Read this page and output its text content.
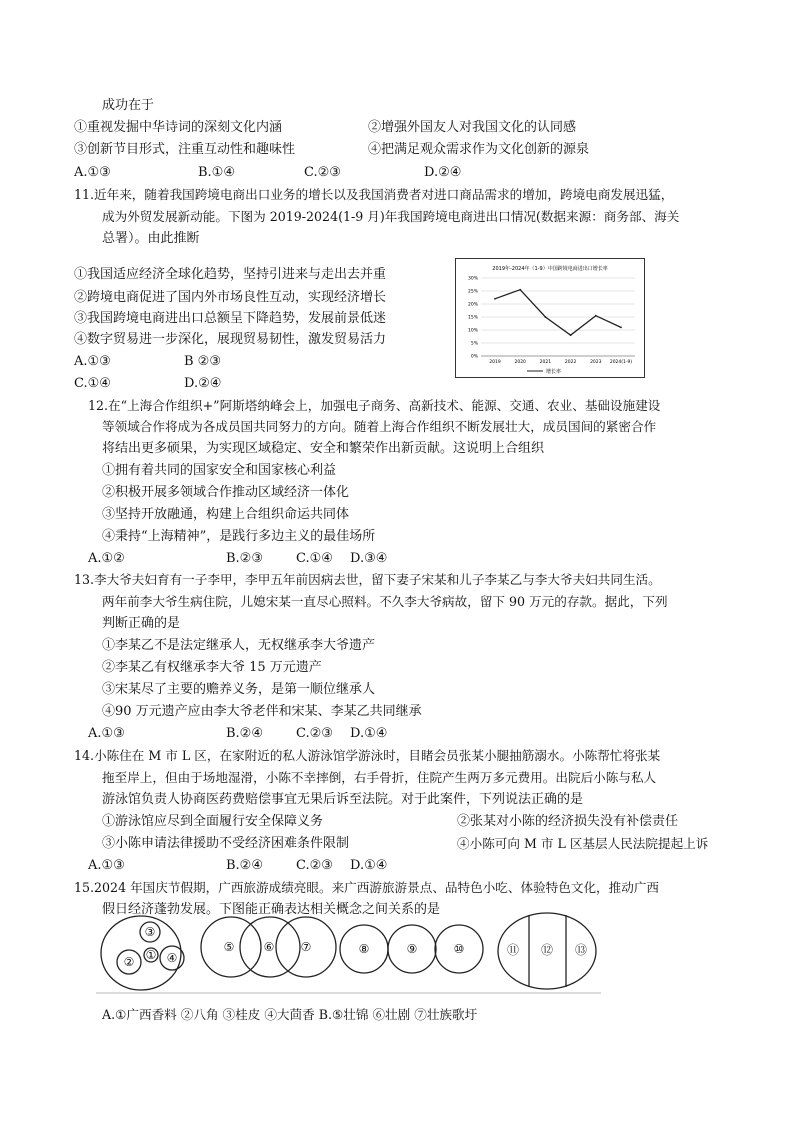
成功在于
①重视发掘中华诗词的深刻文化内涵	②增强外国友人对我国文化的认同感
③创新节目形式，注重互动性和趣味性	④把满足观众需求作为文化创新的源泉
A.①③	B.①④	C.②③	D.②④
11.近年来，随着我国跨境电商出口业务的增长以及我国消费者对进口商品需求的增加，跨境电商发展迅猛，
成为外贸发展新动能。下图为 2019-2024(1-9 月)年我国跨境电商进出口情况(数据来源：商务部、海关
总署）。由此推断
①我国适应经济全球化趋势，坚持引进来与走出去并重
②跨境电商促进了国内外市场良性互动，实现经济增长
③我国跨境电商进出口总额呈下降趋势，发展前景低迷
④数字贸易进一步深化，展现贸易韧性，激发贸易活力
A.①③	B ②③
C.①④	D.②④
2019年-2024年（1-9）中国跨境电商进出口增长率
0%
5%
10%
15%
20%
25%
30%
2019	2020	2021	2022	2023 2024(1-9)
增长率
12.在“上海合作组织+”阿斯塔纳峰会上，加强电子商务、高新技术、能源、交通、农业、基础设施建设
等领域合作将成为各成员国共同努力的方向。随着上海合作组织不断发展壮大，成员国间的紧密合作
将结出更多硕果，为实现区域稳定、安全和繁荣作出新贡献。这说明上合组织
①拥有着共同的国家安全和国家核心利益
②积极开展多领域合作推动区域经济一体化
③坚持开放融通，构建上合组织命运共同体
④秉持“上海精神”，是践行多边主义的最佳场所
A.①②	B.②③	C.①④ D.③④
13.李大爷夫妇育有一子李甲，李甲五年前因病去世，留下妻子宋某和儿子李某乙与李大爷夫妇共同生活。
两年前李大爷生病住院，儿媳宋某一直尽心照料。不久李大爷病故，留下 90 万元的存款。据此，下列
判断正确的是
①李某乙不是法定继承人，无权继承李大爷遗产
②李某乙有权继承李大爷 15 万元遗产
③宋某尽了主要的赡养义务，是第一顺位继承人
④90 万元遗产应由李大爷老伴和宋某、李某乙共同继承
A.①③	B.②④	C.②③ D.①④
14.小陈住在 M 市 L 区，在家附近的私人游泳馆学游泳时，目睹会员张某小腿抽筋溺水。小陈帮忙将张某
拖至岸上，但由于场地湿滑，小陈不幸摔倒，右手骨折，住院产生两万多元费用。出院后小陈与私人
游泳馆负责人协商医药费赔偿事宜无果后诉至法院。对于此案件，下列说法正确的是
①游泳馆应尽到全面履行安全保障义务	②张某对小陈的经济损失没有补偿责任
③小陈申请法律援助不受经济困难条件限制	④小陈可向 M 市 L 区基层人民法院提起上诉
A.①③	B.②④	C.②③ D.①④
15.2024 年国庆节假期，广西旅游成绩亮眼。来广西游旅游景点、品特色小吃、体验特色文化，推动广西
假日经济蓬勃发展。下图能正确表达相关概念之间关系的是
③
② ① ④
⑤ ⑥ ⑦	⑧	⑨	⑩	⑪ ⑫ ⑬
A.①广西香料 ②八角 ③桂皮 ④大茴香 B.⑤壮锦 ⑥壮剧 ⑦壮族歌圩
